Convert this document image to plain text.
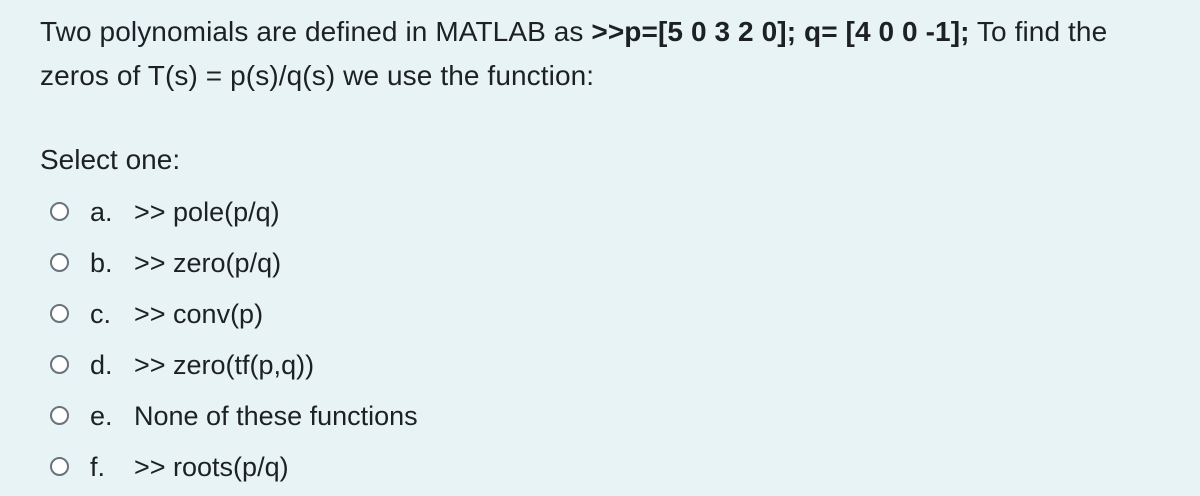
Two polynomials are defined in MATLAB as >>p=[5 0 3 2 0]; q= [4 0 0 -1]; To find the
zeros of T(s) = p(s)/q(s) we use the function:
Select one:
a. >> pole(p/q)
b. >> zero(p/q)
c. >> conv(p)
d. >> zero(tf(p,q))
e. None of these functions
f.	>> roots(p/q)
